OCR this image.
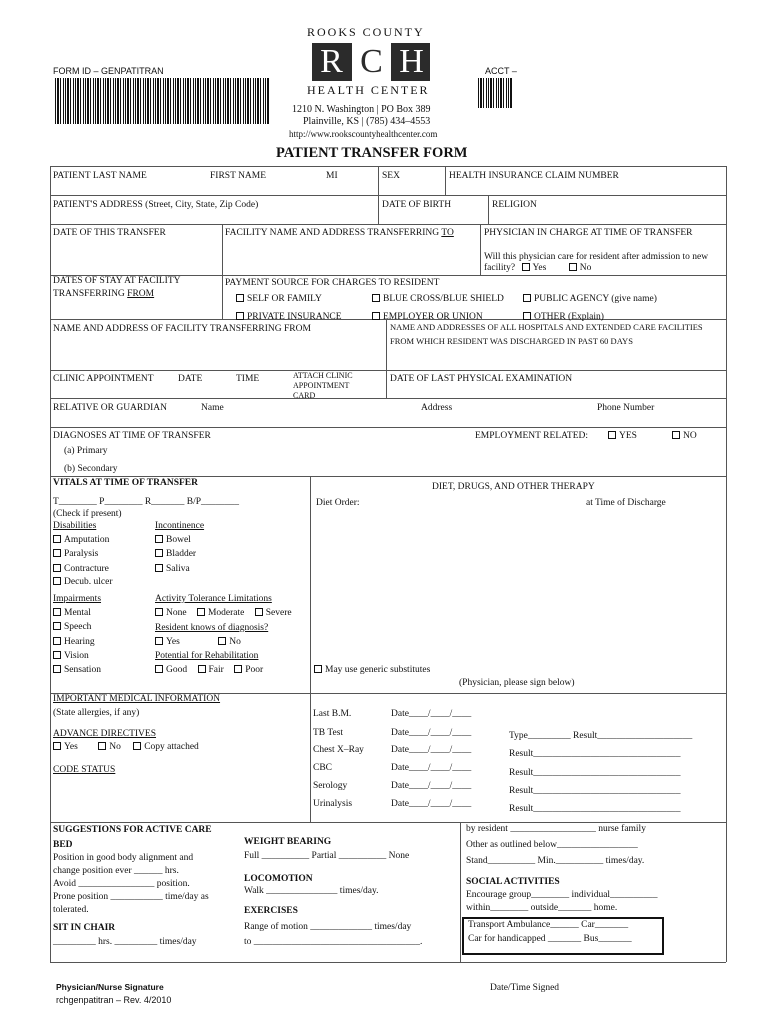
ROOKS COUNTY
R C H
HEALTH CENTER
FORM ID – GENPATITRAN	ACCT –
1210 N. Washington | PO Box 389
Plainville, KS | (785) 434–4553
http://www.rookscountyhealthcenter.com
PATIENT TRANSFER FORM
PATIENT LAST NAME	FIRST NAME	MI	SEX	HEALTH INSURANCE CLAIM NUMBER
PATIENT'S ADDRESS (Street, City, State, Zip Code)	DATE OF BIRTH	RELIGION
DATE OF THIS TRANSFER	FACILITY NAME AND ADDRESS TRANSFERRING TO	PHYSICIAN IN CHARGE AT TIME OF TRANSFER
Will this physician care for resident after admission to new
facility? Yes	No
DATES OF STAY AT FACILITY
TRANSFERRING FROM
PAYMENT SOURCE FOR CHARGES TO RESIDENT
SELF OR FAMILY	BLUE CROSS/BLUE SHIELD	PUBLIC AGENCY (give name)
PRIVATE INSURANCE	EMPLOYER OR UNION	OTHER (Explain)
NAME AND ADDRESS OF FACILITY TRANSFERRING FROM	NAME AND ADDRESSES OF ALL HOSPITALS AND EXTENDED CARE FACILITIES
FROM WHICH RESIDENT WAS DISCHARGED IN PAST 60 DAYS
CLINIC APPOINTMENT	DATE	TIME	ATTACH CLINIC
APPOINTMENT
CARD
DATE OF LAST PHYSICAL EXAMINATION
RELATIVE OR GUARDIAN	Name	Address	Phone Number
DIAGNOSES AT TIME OF TRANSFER
(a) Primary
(b) Secondary
EMPLOYMENT RELATED:	YES	NO
VITALS AT TIME OF TRANSFER
T________ P________ R_______ B/P________
(Check if present)
Disabilities
Amputation
Paralysis
Contracture
Decub. ulcer
Incontinence
Bowel
Bladder
Saliva
Impairments
Mental
Speech
Hearing
Vision
Sensation
Activity Tolerance Limitations
None Moderate Severe
Resident knows of diagnosis?
Yes	No
Potential for Rehabilitation
Good Fair Poor
DIET, DRUGS, AND OTHER THERAPY
Diet Order:	at Time of Discharge
May use generic substitutes
(Physician, please sign below)
IMPORTANT MEDICAL INFORMATION
(State allergies, if any)
ADVANCE DIRECTIVES
Yes	No Copy attached
CODE STATUS
Last B.M.	Date____/____/____
TB Test	Date____/____/____	Type_________ Result____________________
Chest X–Ray	Date____/____/____	Result_______________________________
CBC	Date____/____/____	Result_______________________________
Serology	Date____/____/____	Result_______________________________
Urinalysis	Date____/____/____	Result_______________________________
SUGGESTIONS FOR ACTIVE CARE
BED
Position in good body alignment and
change position ever ______ hrs.
Avoid ________________ position.
Prone position ___________ time/day as
tolerated.
SIT IN CHAIR
_________ hrs. _________ times/day
WEIGHT BEARING
Full __________ Partial __________ None
LOCOMOTION
Walk _______________ times/day.
EXERCISES
Range of motion _____________ times/day
to ___________________________________.
by resident __________________ nurse family
Other as outlined below_________________
Stand__________ Min.__________ times/day.
SOCIAL ACTIVITIES
Encourage group________ individual__________
within________ outside_______ home.
Transport Ambulance______ Car_______
Car for handicapped _______ Bus_______
Physician/Nurse Signature
rchgenpatitran – Rev. 4/2010
Date/Time Signed
